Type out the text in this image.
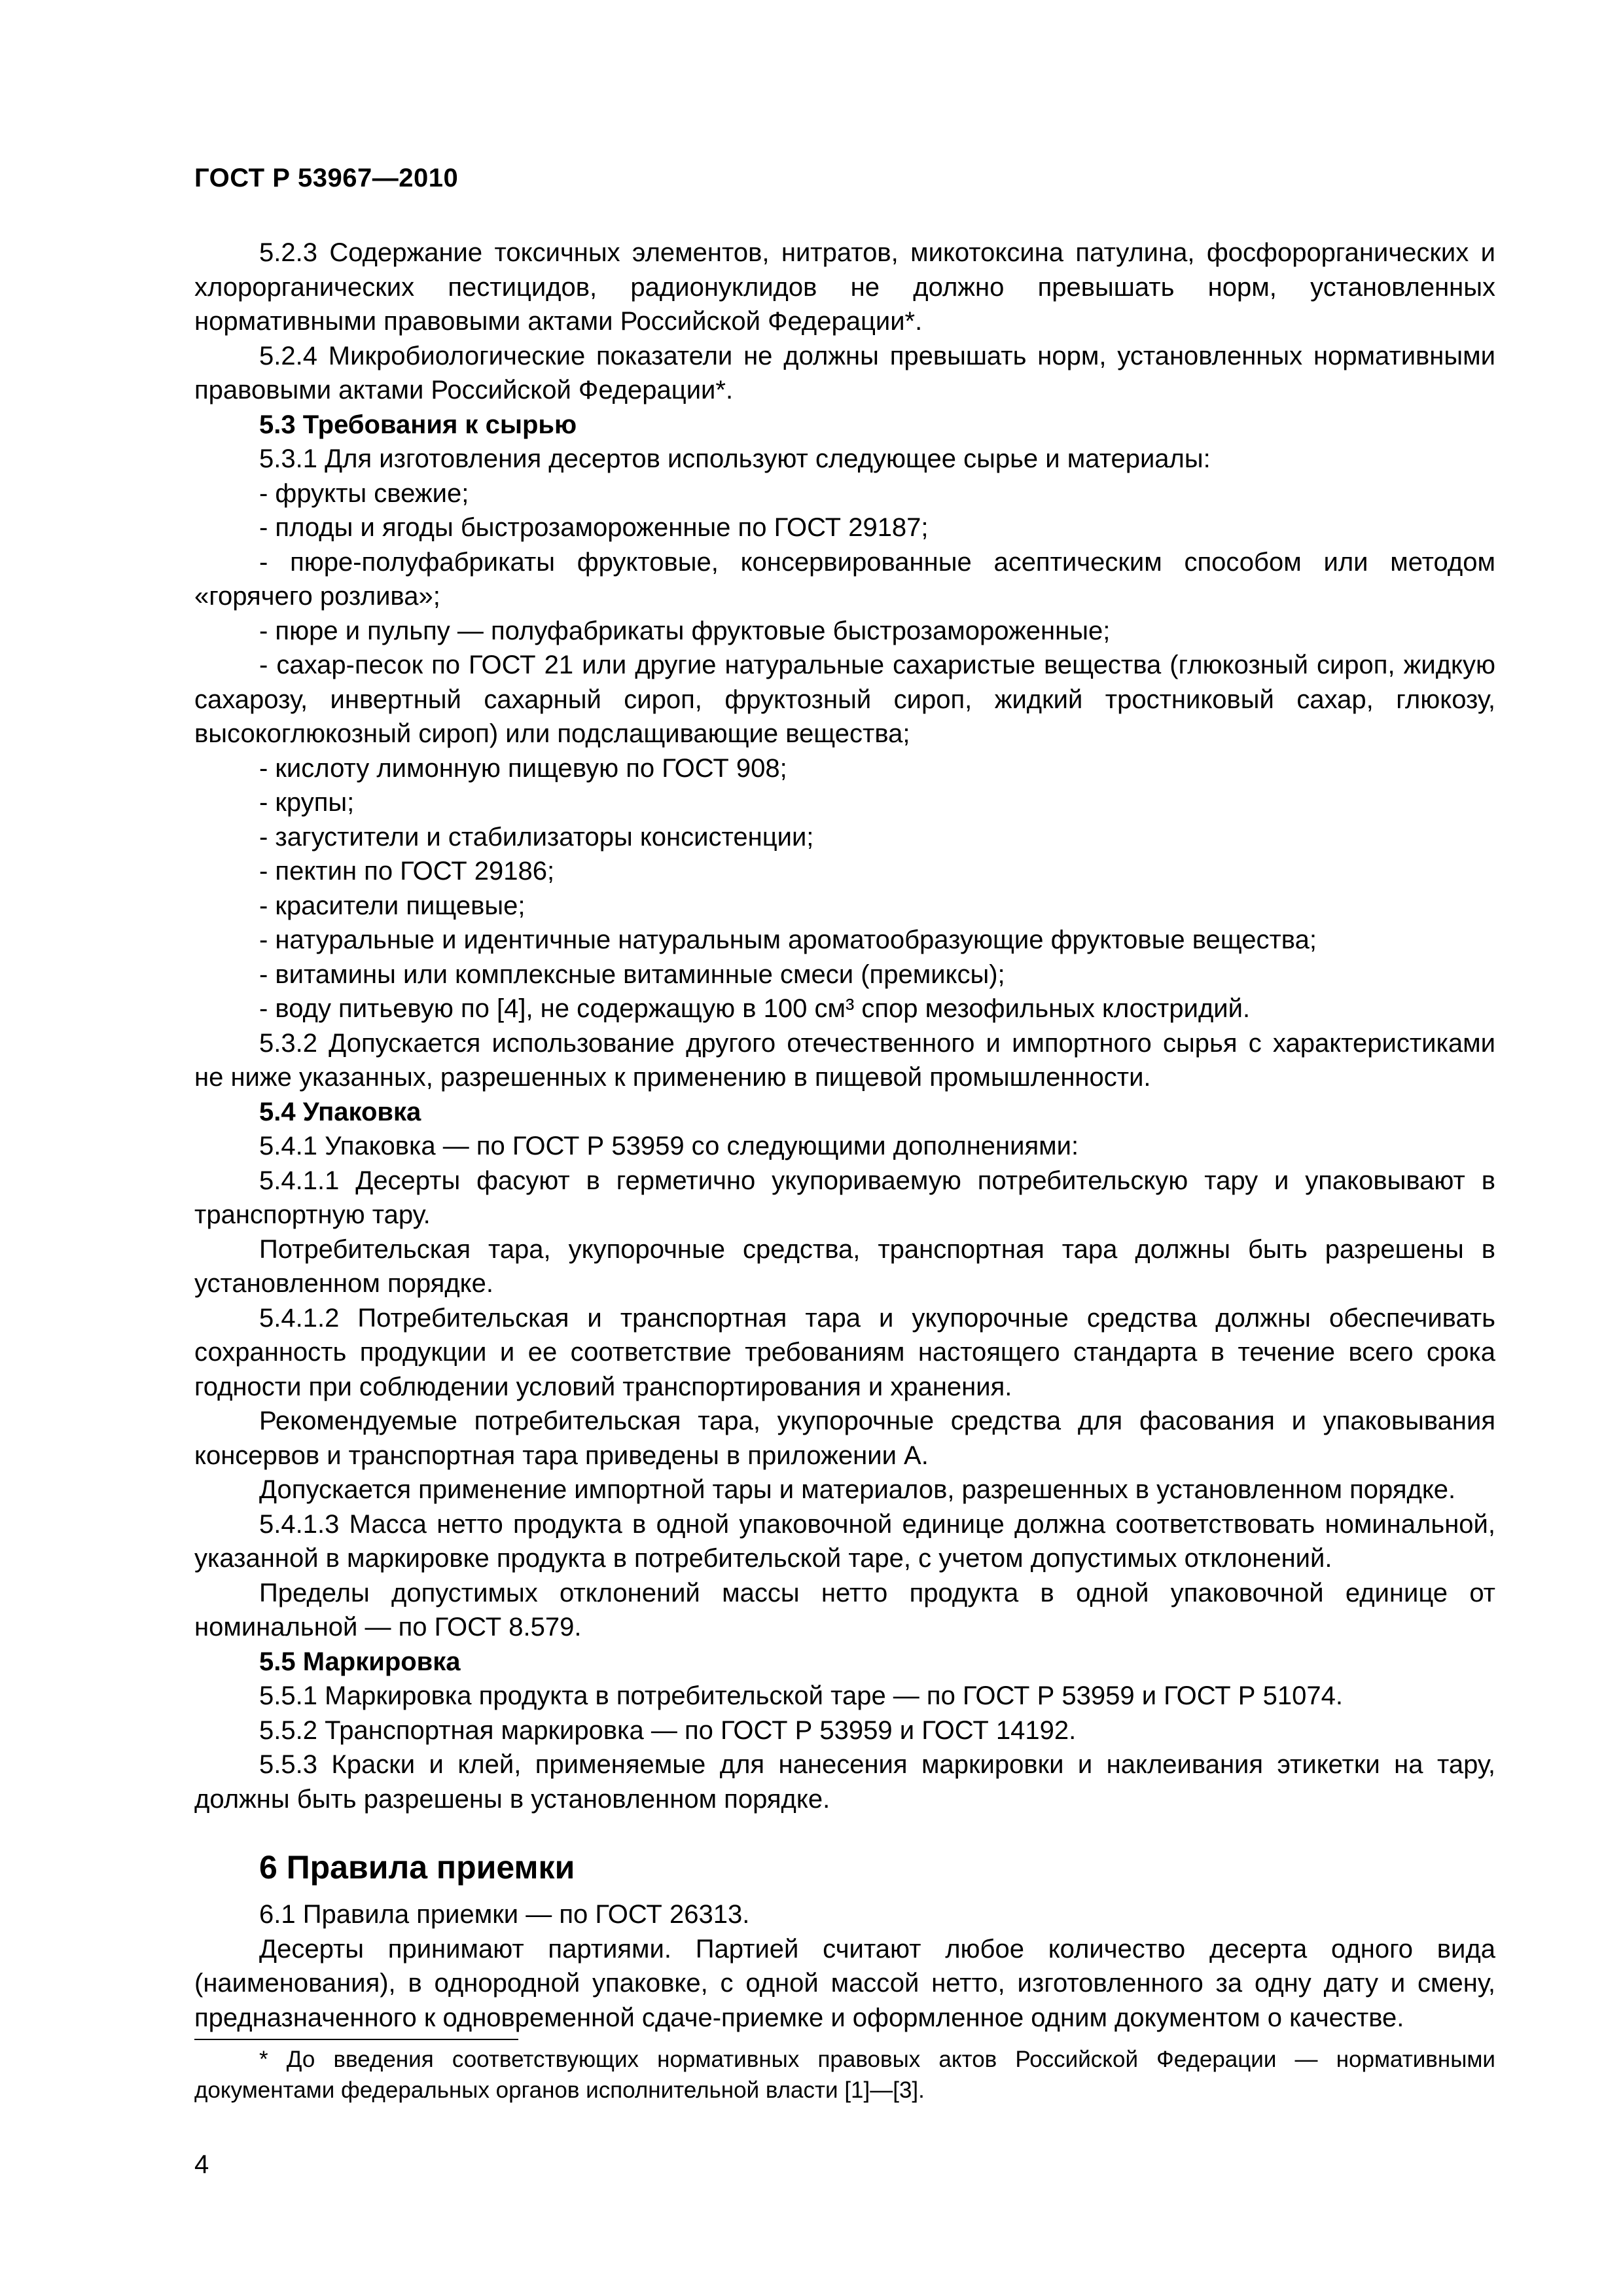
ГОСТ Р 53967—2010

5.2.3 Содержание токсичных элементов, нитратов, микотоксина патулина, фосфорорганических и хлорорганических пестицидов, радионуклидов не должно превышать норм, установленных нормативными правовыми актами Российской Федерации*.

5.2.4 Микробиологические показатели не должны превышать норм, установленных нормативными правовыми актами Российской Федерации*.

5.3 Требования к сырью

5.3.1 Для изготовления десертов используют следующее сырье и материалы:

- фрукты свежие;

- плоды и ягоды быстрозамороженные по ГОСТ 29187;

- пюре-полуфабрикаты фруктовые, консервированные асептическим способом или методом «горячего розлива»;

- пюре и пульпу — полуфабрикаты фруктовые быстрозамороженные;

- сахар-песок по ГОСТ 21 или другие натуральные сахаристые вещества (глюкозный сироп, жидкую сахарозу, инвертный сахарный сироп, фруктозный сироп, жидкий тростниковый сахар, глюкозу, высокоглюкозный сироп) или подслащивающие вещества;

- кислоту лимонную пищевую по ГОСТ 908;

- крупы;

- загустители и стабилизаторы консистенции;

- пектин по ГОСТ 29186;

- красители пищевые;

- натуральные и идентичные натуральным ароматообразующие фруктовые вещества;

- витамины или комплексные витаминные смеси (премиксы);

- воду питьевую по [4], не содержащую в 100 см³ спор мезофильных клостридий.

5.3.2 Допускается использование другого отечественного и импортного сырья с характеристиками не ниже указанных, разрешенных к применению в пищевой промышленности.

5.4 Упаковка

5.4.1 Упаковка — по ГОСТ Р 53959 со следующими дополнениями:

5.4.1.1 Десерты фасуют в герметично укупориваемую потребительскую тару и упаковывают в транспортную тару.

Потребительская тара, укупорочные средства, транспортная тара должны быть разрешены в установленном порядке.

5.4.1.2 Потребительская и транспортная тара и укупорочные средства должны обеспечивать сохранность продукции и ее соответствие требованиям настоящего стандарта в течение всего срока годности при соблюдении условий транспортирования и хранения.

Рекомендуемые потребительская тара, укупорочные средства для фасования и упаковывания консервов и транспортная тара приведены в приложении А.

Допускается применение импортной тары и материалов, разрешенных в установленном порядке.

5.4.1.3 Масса нетто продукта в одной упаковочной единице должна соответствовать номинальной, указанной в маркировке продукта в потребительской таре, с учетом допустимых отклонений.

Пределы допустимых отклонений массы нетто продукта в одной упаковочной единице от номинальной — по ГОСТ 8.579.

5.5 Маркировка

5.5.1 Маркировка продукта в потребительской таре — по ГОСТ Р 53959 и ГОСТ Р 51074.

5.5.2 Транспортная маркировка — по ГОСТ Р 53959 и ГОСТ 14192.

5.5.3 Краски и клей, применяемые для нанесения маркировки и наклеивания этикетки на тару, должны быть разрешены в установленном порядке.

6 Правила приемки

6.1 Правила приемки — по ГОСТ 26313.

Десерты принимают партиями. Партией считают любое количество десерта одного вида (наименования), в однородной упаковке, с одной массой нетто, изготовленного за одну дату и смену, предназначенного к одновременной сдаче-приемке и оформленное одним документом о качестве.

* До введения соответствующих нормативных правовых актов Российской Федерации — нормативными документами федеральных органов исполнительной власти [1]—[3].

4
